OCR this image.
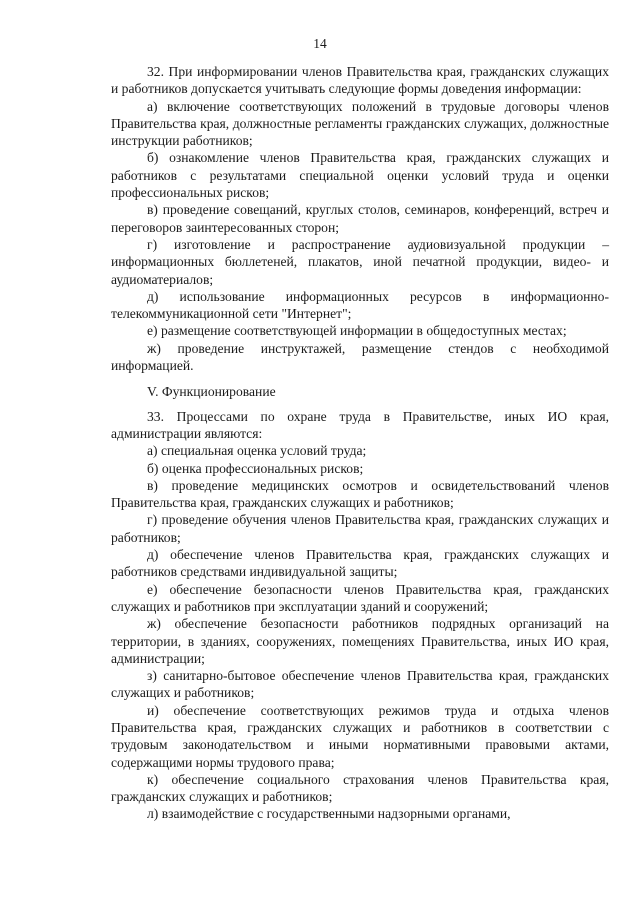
14

32. При информировании членов Правительства края, гражданских служащих и работников допускается учитывать следующие формы доведения информации:

а) включение соответствующих положений в трудовые договоры членов Правительства края, должностные регламенты гражданских служащих, должностные инструкции работников;

б) ознакомление членов Правительства края, гражданских служащих и работников с результатами специальной оценки условий труда и оценки профессиональных рисков;

в) проведение совещаний, круглых столов, семинаров, конференций, встреч и переговоров заинтересованных сторон;

г) изготовление и распространение аудиовизуальной продукции – информационных бюллетеней, плакатов, иной печатной продукции, видео- и аудиоматериалов;

д) использование информационных ресурсов в информационно-телекоммуникационной сети "Интернет";

е) размещение соответствующей информации в общедоступных местах;

ж) проведение инструктажей, размещение стендов с необходимой информацией.

V. Функционирование

33. Процессами по охране труда в Правительстве, иных ИО края, администрации являются:

а) специальная оценка условий труда;

б) оценка профессиональных рисков;

в) проведение медицинских осмотров и освидетельствований членов Правительства края, гражданских служащих и работников;

г) проведение обучения членов Правительства края, гражданских служащих и работников;

д) обеспечение членов Правительства края, гражданских служащих и работников средствами индивидуальной защиты;

е) обеспечение безопасности членов Правительства края, гражданских служащих и работников при эксплуатации зданий и сооружений;

ж) обеспечение безопасности работников подрядных организаций на территории, в зданиях, сооружениях, помещениях Правительства, иных ИО края, администрации;

з) санитарно-бытовое обеспечение членов Правительства края, гражданских служащих и работников;

и) обеспечение соответствующих режимов труда и отдыха членов Правительства края, гражданских служащих и работников в соответствии с трудовым законодательством и иными нормативными правовыми актами, содержащими нормы трудового права;

к) обеспечение социального страхования членов Правительства края, гражданских служащих и работников;

л) взаимодействие с государственными надзорными органами,
